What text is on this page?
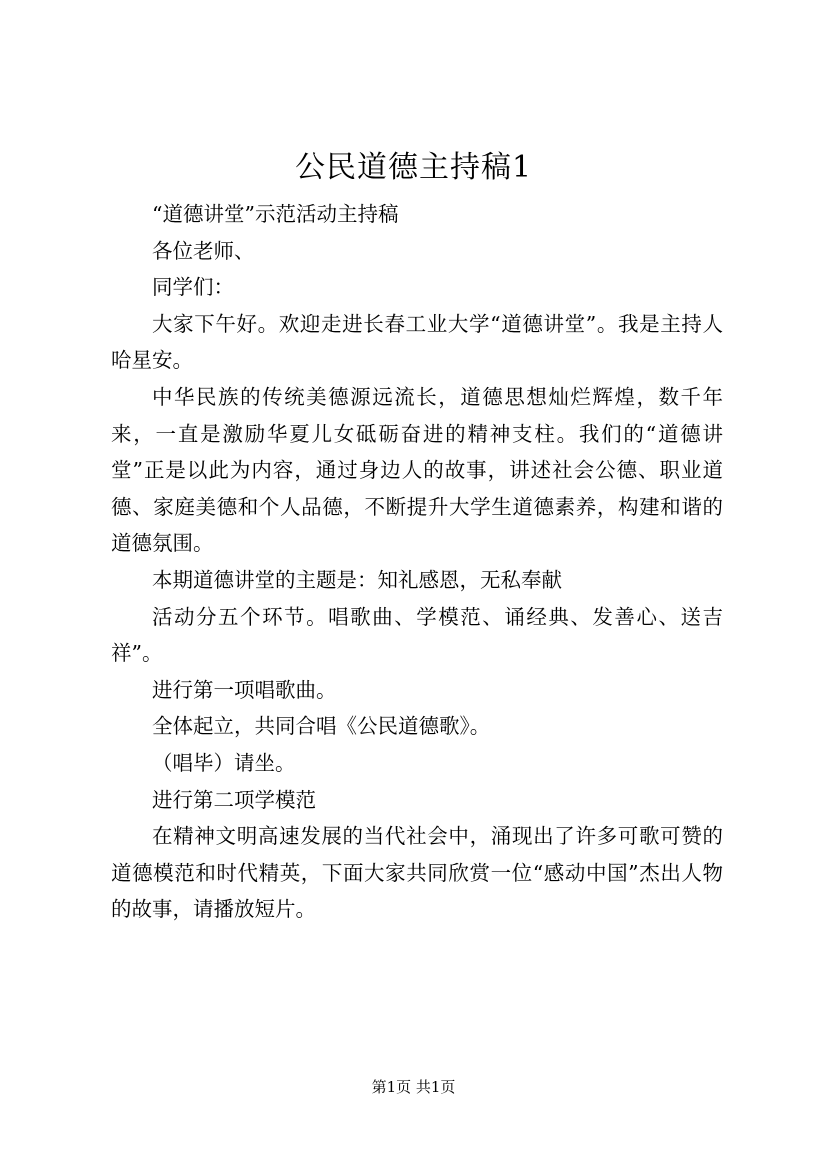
公民道德主持稿1

“道德讲堂”示范活动主持稿

各位老师、

同学们：

大家下午好。欢迎走进长春工业大学“道德讲堂”。我是主持人哈星安。

中华民族的传统美德源远流长，道德思想灿烂辉煌，数千年来，一直是激励华夏儿女砥砺奋进的精神支柱。我们的“道德讲堂”正是以此为内容，通过身边人的故事，讲述社会公德、职业道德、家庭美德和个人品德，不断提升大学生道德素养，构建和谐的道德氛围。

本期道德讲堂的主题是：知礼感恩，无私奉献

活动分五个环节。唱歌曲、学模范、诵经典、发善心、送吉祥”。

进行第一项唱歌曲。

全体起立，共同合唱《公民道德歌》。

（唱毕）请坐。

进行第二项学模范

在精神文明高速发展的当代社会中，涌现出了许多可歌可赞的道德模范和时代精英，下面大家共同欣赏一位“感动中国”杰出人物的故事，请播放短片。

第1页 共1页
